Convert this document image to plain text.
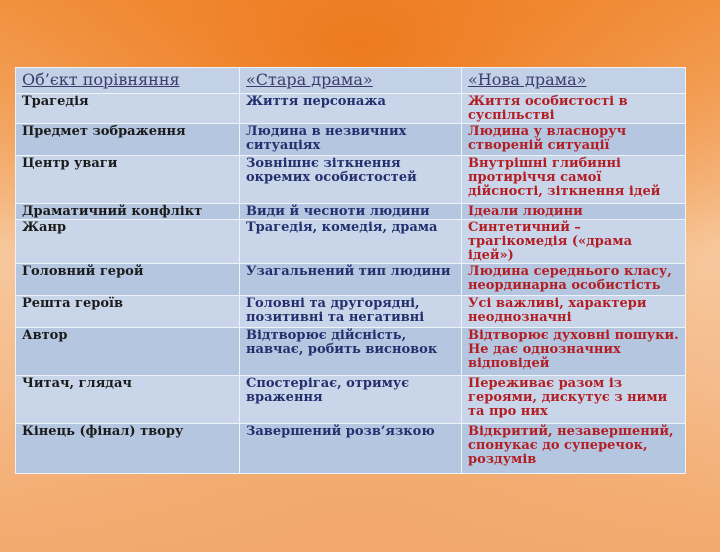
Об’єкт порівняння	«Стара драма»	«Нова драма»
Трагедія	Життя персонажа	Життя особистості в суспільстві
Предмет зображення	Людина в незвичних ситуаціях	Людина у власноруч створеній ситуації
Центр уваги	Зовнішнє зіткнення окремих особистостей	Внутрішні глибинні протиріччя самої дійсності, зіткнення ідей
Драматичний конфлікт	Види й чесноти людини	Ідеали людини
Жанр	Трагедія, комедія, драма	Синтетичний – трагікомедія («драма ідей»)
Головний герой	Узагальнений тип людини	Людина середнього класу, неординарна особистість
Решта героїв	Головні та другорядні, позитивні та негативні	Усі важливі, характери неоднозначні
Автор	Відтворює дійсність, навчає, робить висновок	Відтворює духовні пошуки. Не дає однозначних відповідей
Читач, глядач	Спостерігає, отримує враження	Переживає разом із героями, дискутує з ними та про них
Кінець (фінал) твору	Завершений розв’язкою	Відкритий, незавершений, спонукає до суперечок, роздумів
